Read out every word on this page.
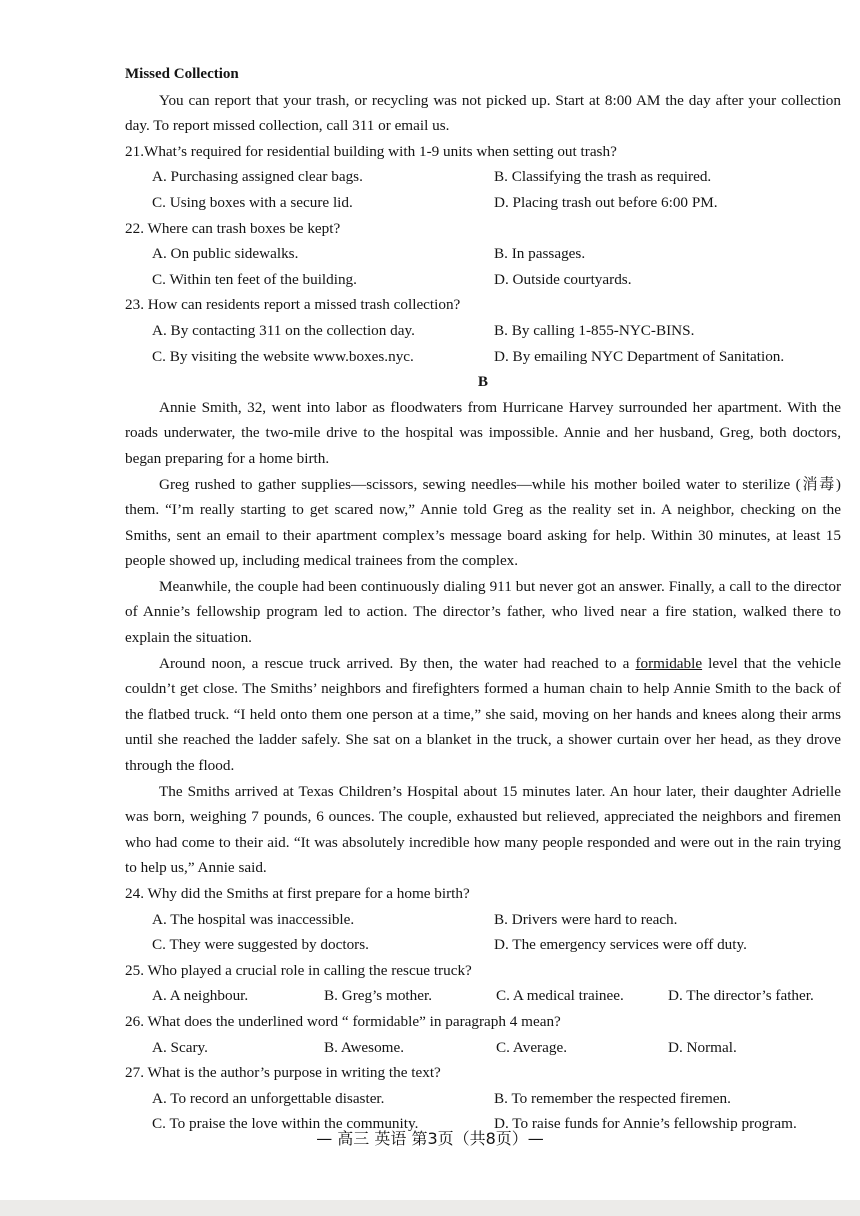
Missed Collection

You can report that your trash, or recycling was not picked up. Start at 8:00 AM the day after your collection day. To report missed collection, call 311 or email us.

21.What’s required for residential building with 1-9 units when setting out trash?
A. Purchasing assigned clear bags.	B. Classifying the trash as required.
C. Using boxes with a secure lid.	D. Placing trash out before 6:00 PM.
22. Where can trash boxes be kept?
A. On public sidewalks.	B. In passages.
C. Within ten feet of the building.	D. Outside courtyards.
23. How can residents report a missed trash collection?
A. By contacting 311 on the collection day.	B. By calling 1-855-NYC-BINS.
C. By visiting the website www.boxes.nyc.	D. By emailing NYC Department of Sanitation.
B

Annie Smith, 32, went into labor as floodwaters from Hurricane Harvey surrounded her apartment. With the roads underwater, the two-mile drive to the hospital was impossible. Annie and her husband, Greg, both doctors, began preparing for a home birth.

Greg rushed to gather supplies—scissors, sewing needles—while his mother boiled water to sterilize (消毒) them. “I’m really starting to get scared now,” Annie told Greg as the reality set in. A neighbor, checking on the Smiths, sent an email to their apartment complex’s message board asking for help. Within 30 minutes, at least 15 people showed up, including medical trainees from the complex.

Meanwhile, the couple had been continuously dialing 911 but never got an answer. Finally, a call to the director of Annie’s fellowship program led to action. The director’s father, who lived near a fire station, walked there to explain the situation.

Around noon, a rescue truck arrived. By then, the water had reached to a formidable level that the vehicle couldn’t get close. The Smiths’ neighbors and firefighters formed a human chain to help Annie Smith to the back of the flatbed truck. “I held onto them one person at a time,” she said, moving on her hands and knees along their arms until she reached the ladder safely. She sat on a blanket in the truck, a shower curtain over her head, as they drove through the flood.

The Smiths arrived at Texas Children’s Hospital about 15 minutes later. An hour later, their daughter Adrielle was born, weighing 7 pounds, 6 ounces. The couple, exhausted but relieved, appreciated the neighbors and firemen who had come to their aid. “It was absolutely incredible how many people responded and were out in the rain trying to help us,” Annie said.

24. Why did the Smiths at first prepare for a home birth?
A. The hospital was inaccessible.	B. Drivers were hard to reach.
C. They were suggested by doctors.	D. The emergency services were off duty.
25. Who played a crucial role in calling the rescue truck?
A. A neighbour.	B. Greg’s mother.	C. A medical trainee.	D. The director’s father.
26. What does the underlined word “ formidable” in paragraph 4 mean?
A. Scary.	B. Awesome.	C. Average.	D. Normal.
27. What is the author’s purpose in writing the text?
A. To record an unforgettable disaster.	B. To remember the respected firemen.
C. To praise the love within the community.	D. To raise funds for Annie’s fellowship program.
— 高三 英语 第3页（共8页）—
